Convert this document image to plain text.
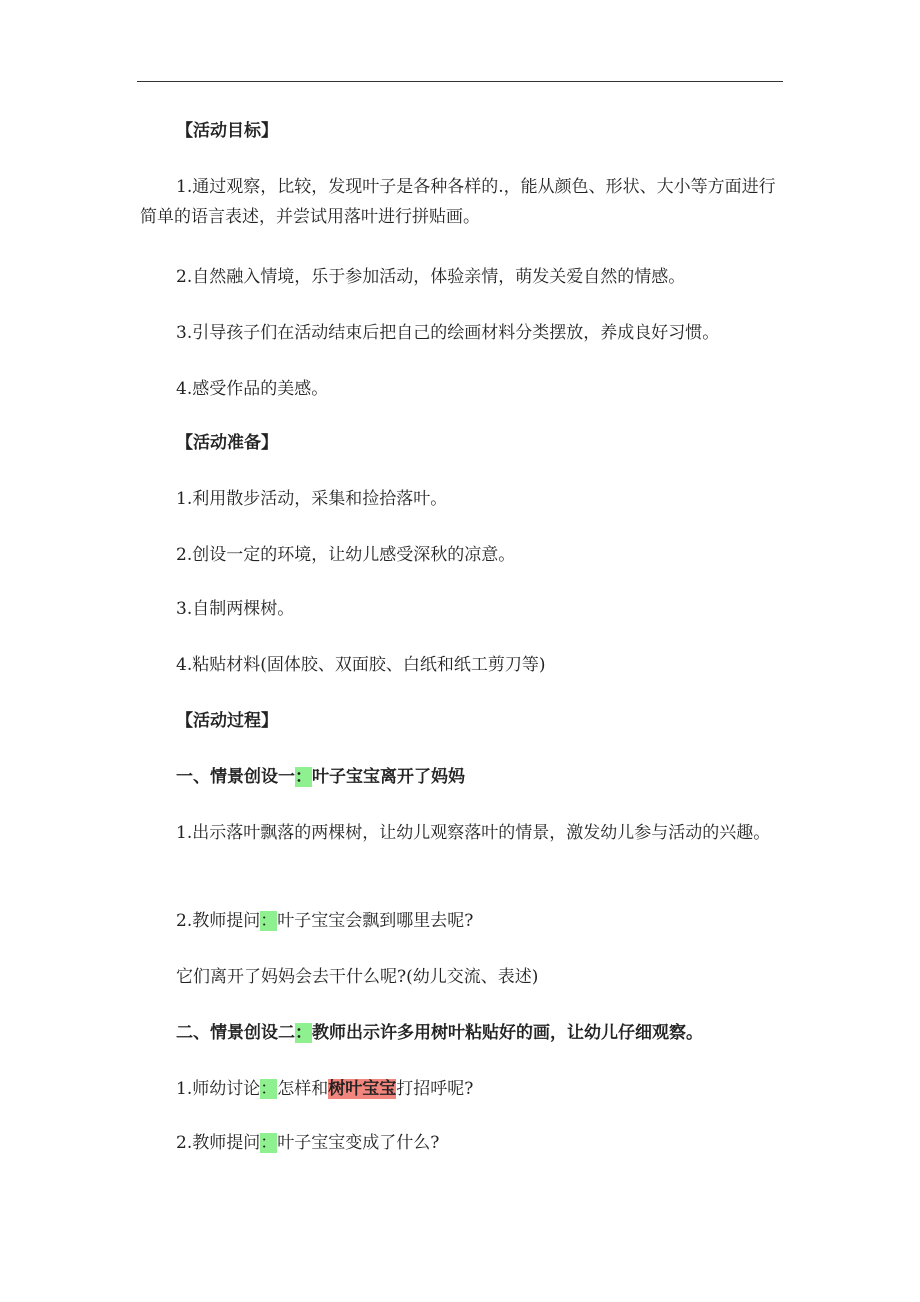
【活动目标】
1.通过观察，比较，发现叶子是各种各样的.，能从颜色、形状、大小等方面进行简单的语言表述，并尝试用落叶进行拼贴画。
2.自然融入情境，乐于参加活动，体验亲情，萌发关爱自然的情感。
3.引导孩子们在活动结束后把自己的绘画材料分类摆放，养成良好习惯。
4.感受作品的美感。
【活动准备】
1.利用散步活动，采集和捡拾落叶。
2.创设一定的环境，让幼儿感受深秋的凉意。
3.自制两棵树。
4.粘贴材料(固体胶、双面胶、白纸和纸工剪刀等)
【活动过程】
一、情景创设一：叶子宝宝离开了妈妈
1.出示落叶飘落的两棵树，让幼儿观察落叶的情景，激发幼儿参与活动的兴趣。
2.教师提问：叶子宝宝会飘到哪里去呢?
它们离开了妈妈会去干什么呢?(幼儿交流、表述)
二、情景创设二：教师出示许多用树叶粘贴好的画，让幼儿仔细观察。
1.师幼讨论：怎样和树叶宝宝打招呼呢?
2.教师提问：叶子宝宝变成了什么?
